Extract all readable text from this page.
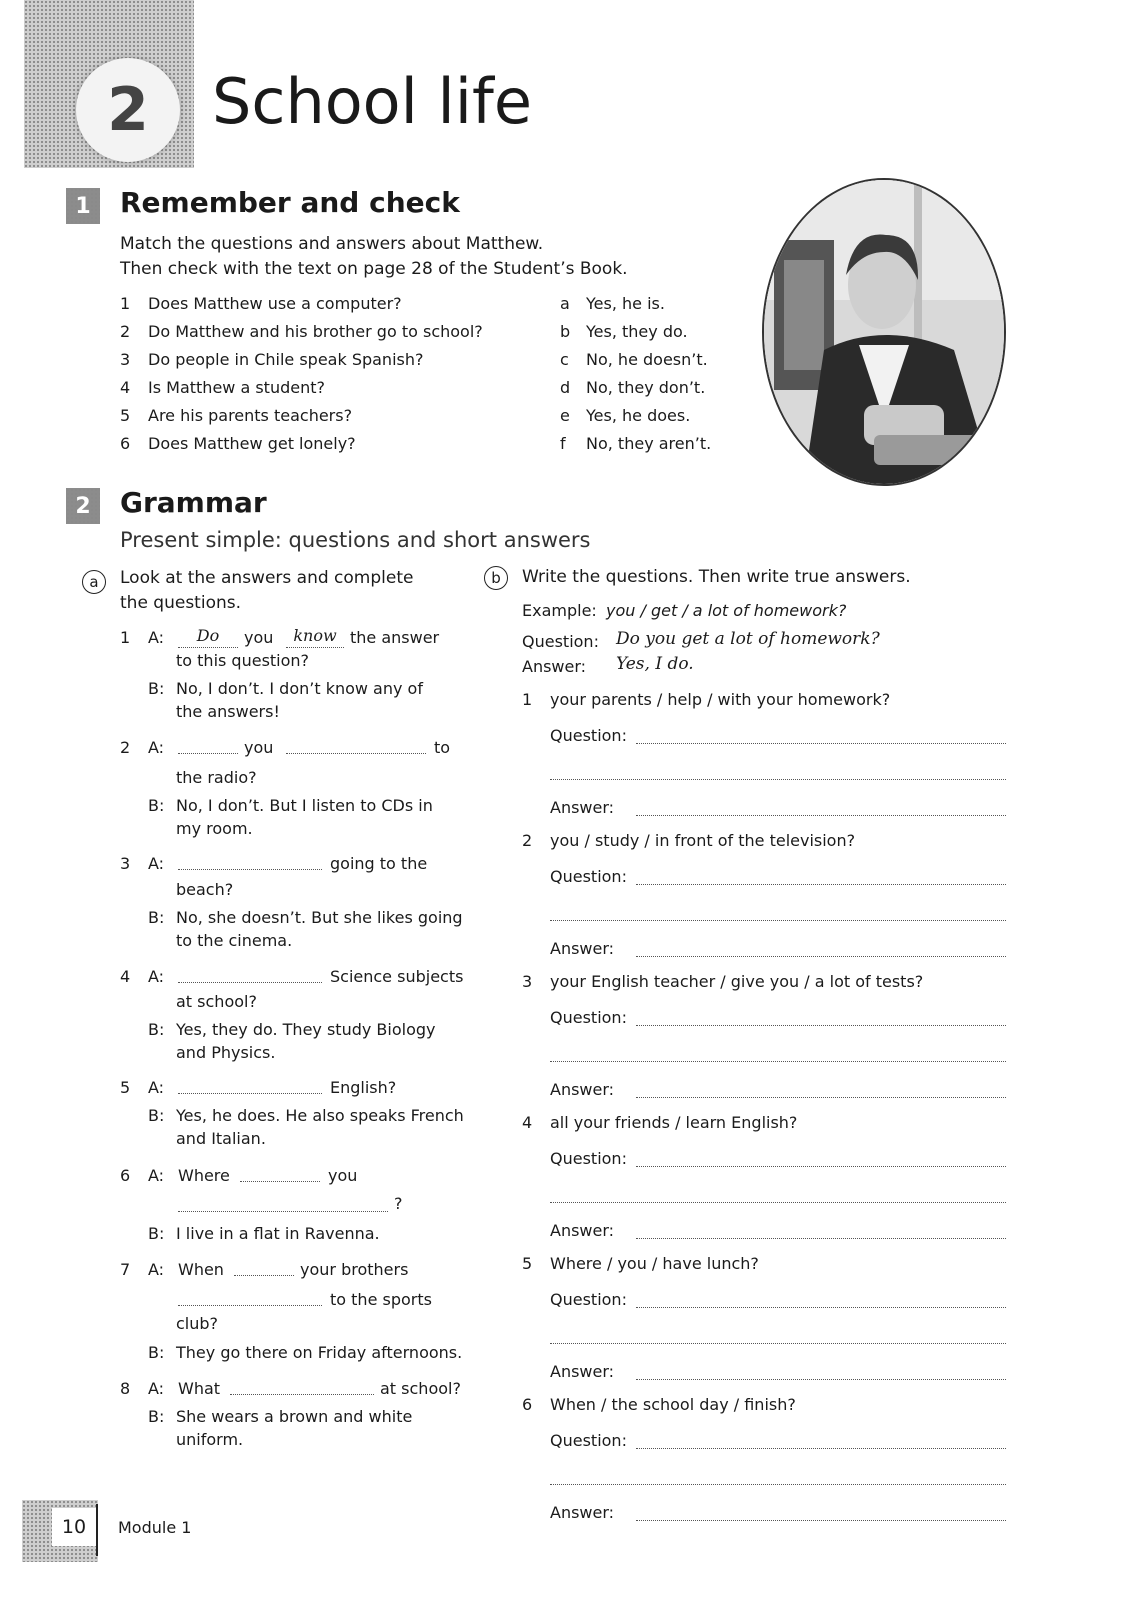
2	School life
1 Remember and check
Match the questions and answers about Matthew.
Then check with the text on page 28 of the Student’s Book.
1	Does Matthew use a computer?
2	Do Matthew and his brother go to school?
3	Do people in Chile speak Spanish?
4	Is Matthew a student?
5	Are his parents teachers?
6	Does Matthew get lonely?
a	Yes, he is.
b Yes, they do.
c	No, he doesn’t.
d No, they don’t.
e	Yes, he does.
f	No, they aren’t.
2 Grammar
Present simple: questions and short answers
a	Look at the answers and complete
the questions.
1 A:	Do	you	know the answer
to this question?
B: No, I don’t. I don’t know any of
the answers!
2 A:	you	to
the radio?
B: No, I don’t. But I listen to CDs in
my room.
3 A:	going to the
beach?
B: No, she doesn’t. But she likes going
to the cinema.
4 A:	Science subjects
at school?
B: Yes, they do. They study Biology
and Physics.
5 A:	English?
B: Yes, he does. He also speaks French
and Italian.
6 A: Where	you
?
B: I live in a flat in Ravenna.
7 A: When	your brothers
to the sports
club?
B: They go there on Friday afternoons.
8 A: What	at school?
B: She wears a brown and white
uniform.
b	Write the questions. Then write true answers.
Example: you / get / a lot of homework?
Question: Do you get a lot of homework?
Answer: Yes, I do.
1 your parents / help / with your homework?
Question:
Answer:
2 you / study / in front of the television?
Question:
Answer:
3 your English teacher / give you / a lot of tests?
Question:
Answer:
4 all your friends / learn English?
Question:
Answer:
5 Where / you / have lunch?
Question:
Answer:
6 When / the school day / finish?
Question:
Answer:
10	Module 1
